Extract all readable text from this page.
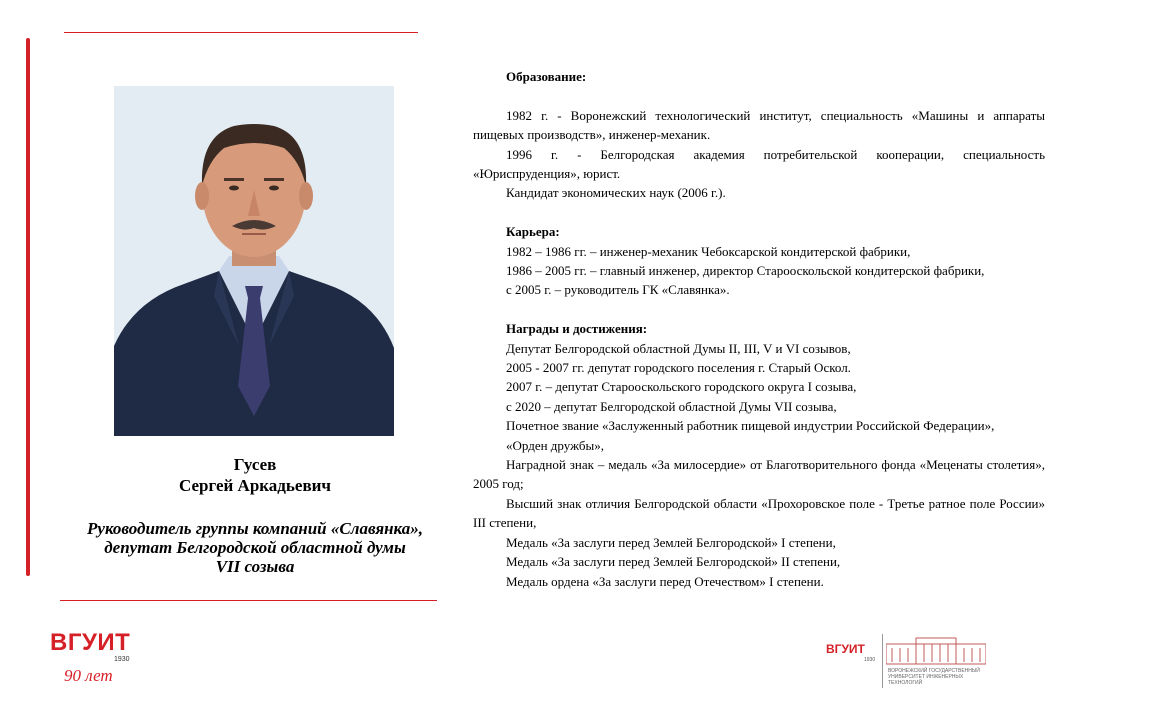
Гусев
Сергей Аркадьевич
Руководитель группы компаний «Славянка»,
депутат Белгородской областной думы
VII созыва

Образование:

1982 г. - Воронежский технологический институт, специальность «Машины и аппараты пищевых производств», инженер-механик.

1996 г. - Белгородская академия потребительской кооперации, специальность «Юриспруденция», юрист.

Кандидат экономических наук (2006 г.).

Карьера:

1982 – 1986 гг. – инженер-механик Чебоксарской кондитерской фабрики,

1986 – 2005 гг. – главный инженер, директор Старооскольской кондитерской фабрики,

с 2005 г. – руководитель ГК «Славянка».

Награды и достижения:

Депутат Белгородской областной Думы II, III, V и VI созывов,

2005 - 2007 гг. депутат городского поселения г. Старый Оскол.

2007 г. – депутат Старооскольского городского округа I созыва,

с 2020 – депутат Белгородской областной Думы VII созыва,

Почетное звание «Заслуженный работник пищевой индустрии Российской Федерации»,

«Орден дружбы»,

Наградной знак – медаль «За милосердие» от Благотворительного фонда «Меценаты столетия», 2005 год;

Высший знак отличия Белгородской области «Прохоровское поле - Третье ратное поле России» III степени,

Медаль «За заслуги перед Землей Белгородской» I степени,

Медаль «За заслуги перед Землей Белгородской» II степени,

Медаль ордена «За заслуги перед Отечеством» I степени.

ВГУИТ
1930
90 лет
ВГУИТ
1930
ВОРОНЕЖСКИЙ ГОСУДАРСТВЕННЫЙ УНИВЕРСИТЕТ ИНЖЕНЕРНЫХ ТЕХНОЛОГИЙ
